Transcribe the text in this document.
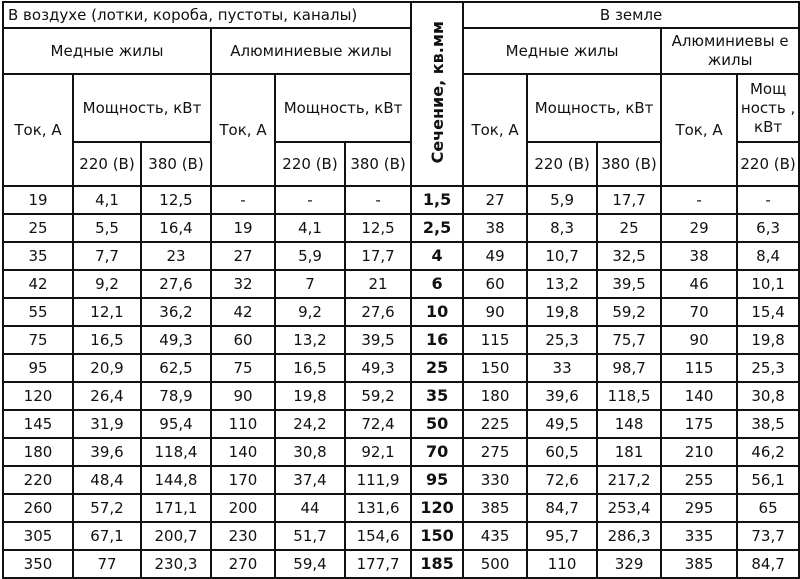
В воздухе (лотки, короба, пустоты, каналы)						Сечение, кв.мм	В земле				
Медные жилы			Алюминиевые жилы				Медные жилы			Алюминиевы е жилы	
Ток, А	Мощность, кВт		Ток, А	Мощность, кВт			Ток, А	Мощность, кВт		Ток, А	Мощ ность , кВт
	220 (В)	380 (В)		220 (В)	380 (В)			220 (В)	380 (В)		220 (В)
19	4,1	12,5	-	-	-	1,5	27	5,9	17,7	-	-
25	5,5	16,4	19	4,1	12,5	2,5	38	8,3	25	29	6,3
35	7,7	23	27	5,9	17,7	4	49	10,7	32,5	38	8,4
42	9,2	27,6	32	7	21	6	60	13,2	39,5	46	10,1
55	12,1	36,2	42	9,2	27,6	10	90	19,8	59,2	70	15,4
75	16,5	49,3	60	13,2	39,5	16	115	25,3	75,7	90	19,8
95	20,9	62,5	75	16,5	49,3	25	150	33	98,7	115	25,3
120	26,4	78,9	90	19,8	59,2	35	180	39,6	118,5	140	30,8
145	31,9	95,4	110	24,2	72,4	50	225	49,5	148	175	38,5
180	39,6	118,4	140	30,8	92,1	70	275	60,5	181	210	46,2
220	48,4	144,8	170	37,4	111,9	95	330	72,6	217,2	255	56,1
260	57,2	171,1	200	44	131,6	120	385	84,7	253,4	295	65
305	67,1	200,7	230	51,7	154,6	150	435	95,7	286,3	335	73,7
350	77	230,3	270	59,4	177,7	185	500	110	329	385	84,7
